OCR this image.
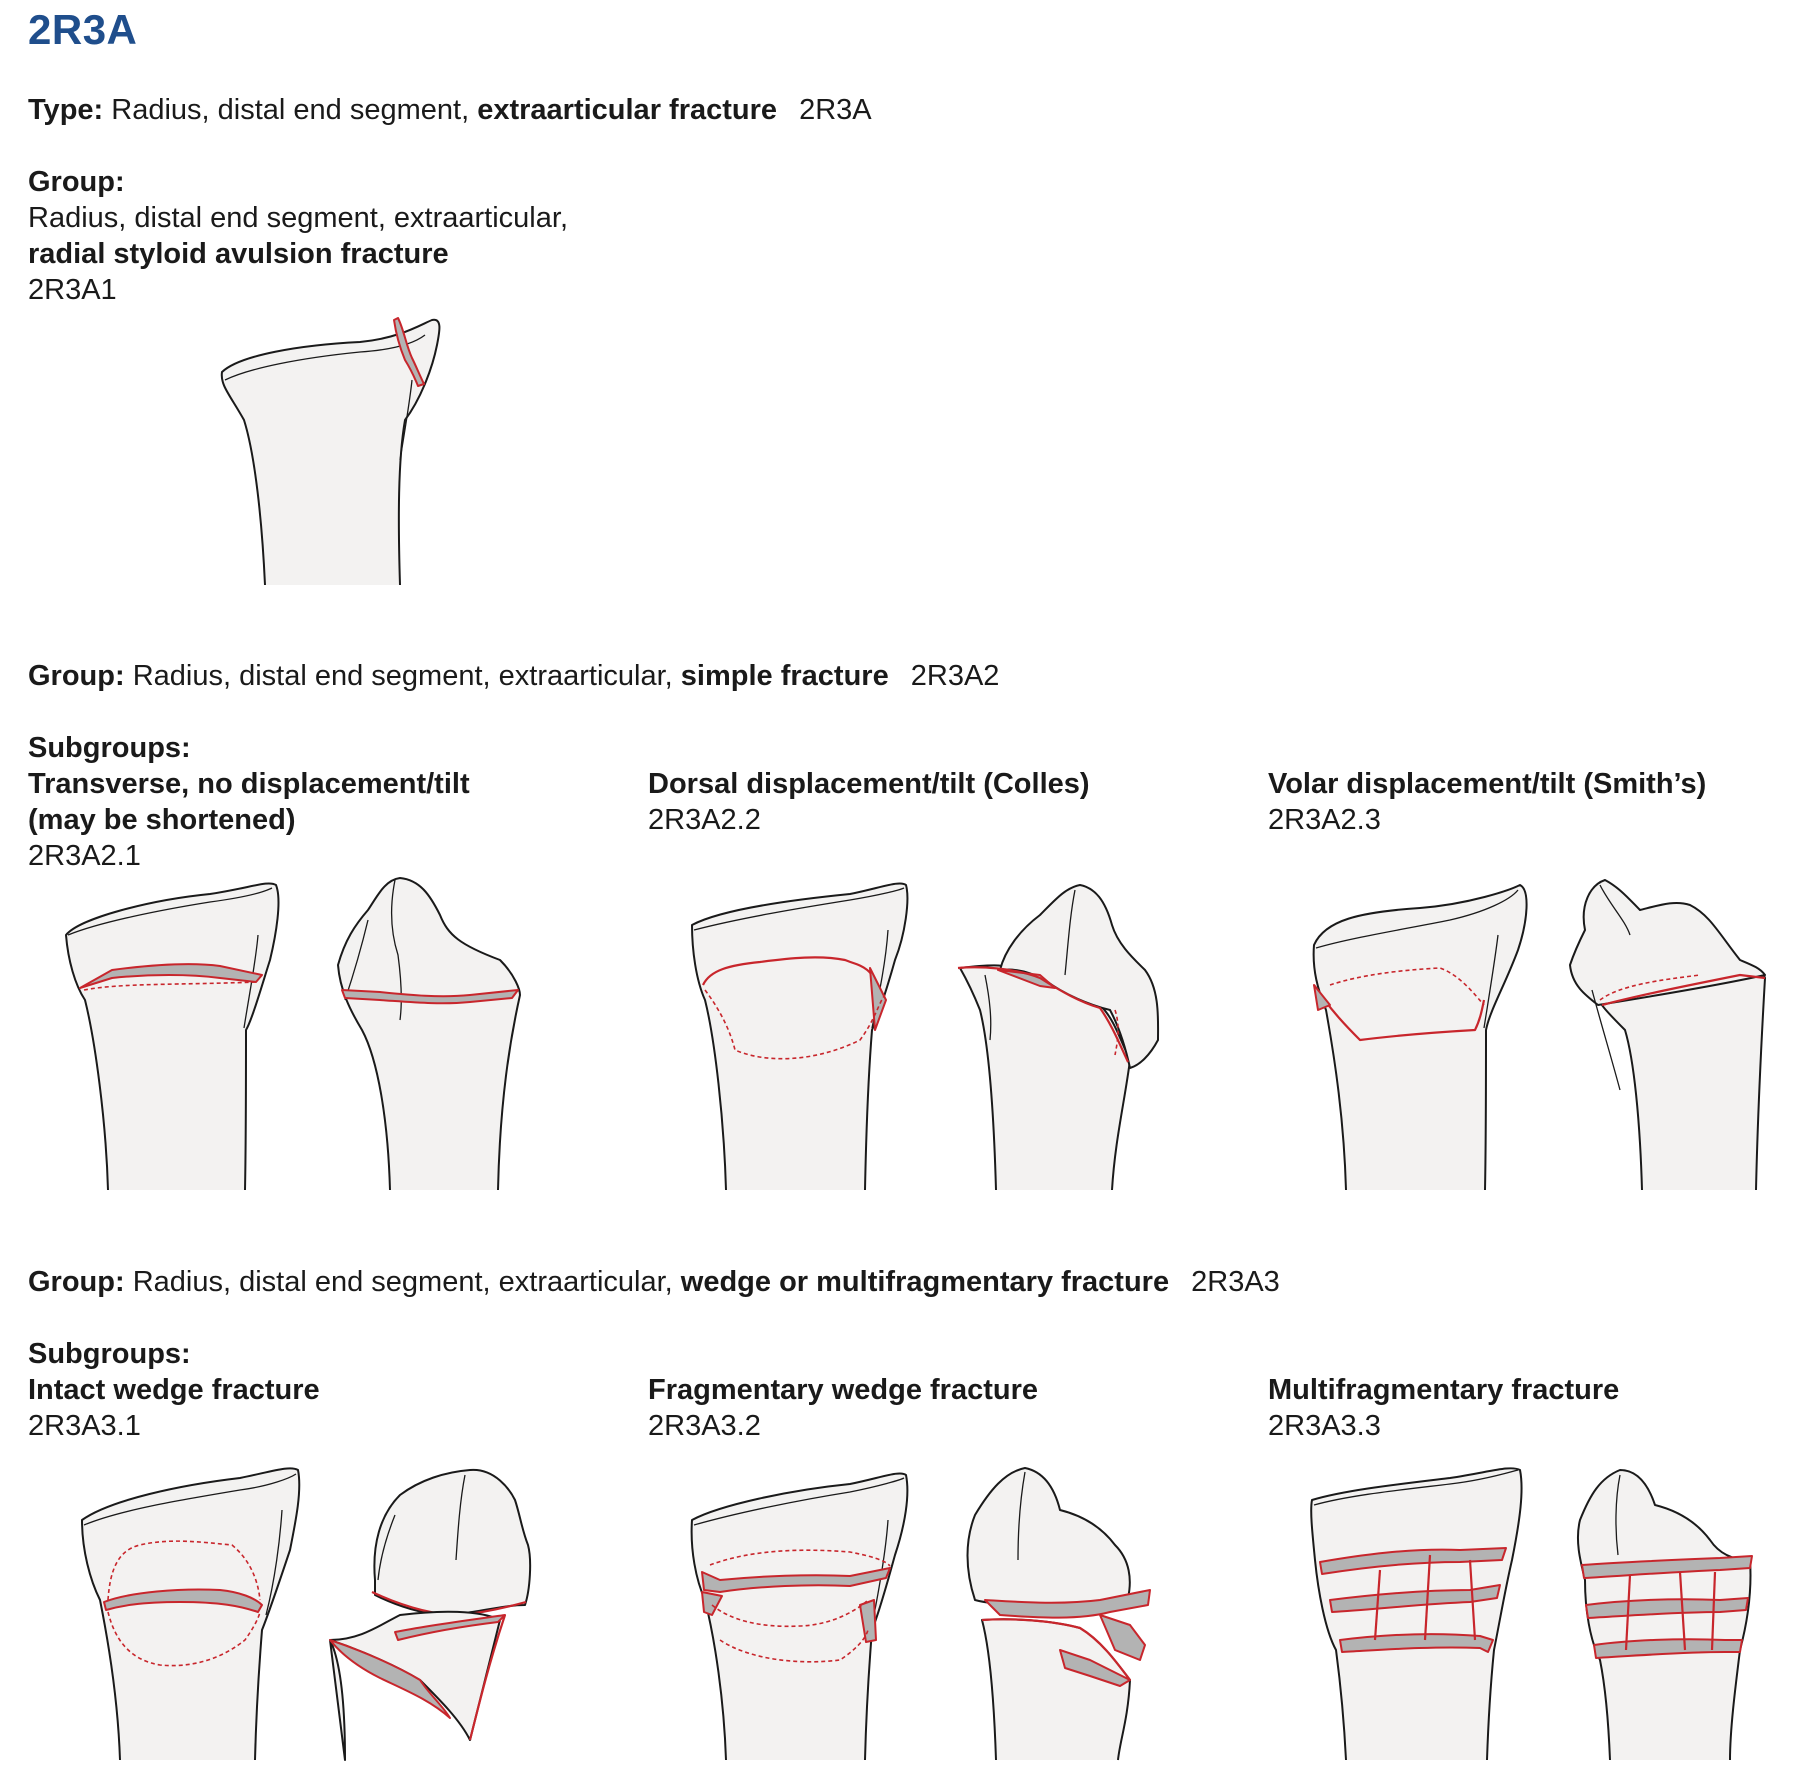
2R3A
Type: Radius, distal end segment, extraarticular fracture 2R3A
Group:
Radius, distal end segment, extraarticular,
radial styloid avulsion fracture
2R3A1
Group: Radius, distal end segment, extraarticular, simple fracture 2R3A2
Subgroups:
Transverse, no displacement/tilt
(may be shortened)
2R3A2.1
Dorsal displacement/tilt (Colles)
2R3A2.2
Volar displacement/tilt (Smith’s)
2R3A2.3
Group: Radius, distal end segment, extraarticular, wedge or multifragmentary fracture 2R3A3
Subgroups:
Intact wedge fracture
2R3A3.1
Fragmentary wedge fracture
2R3A3.2
Multifragmentary fracture
2R3A3.3
